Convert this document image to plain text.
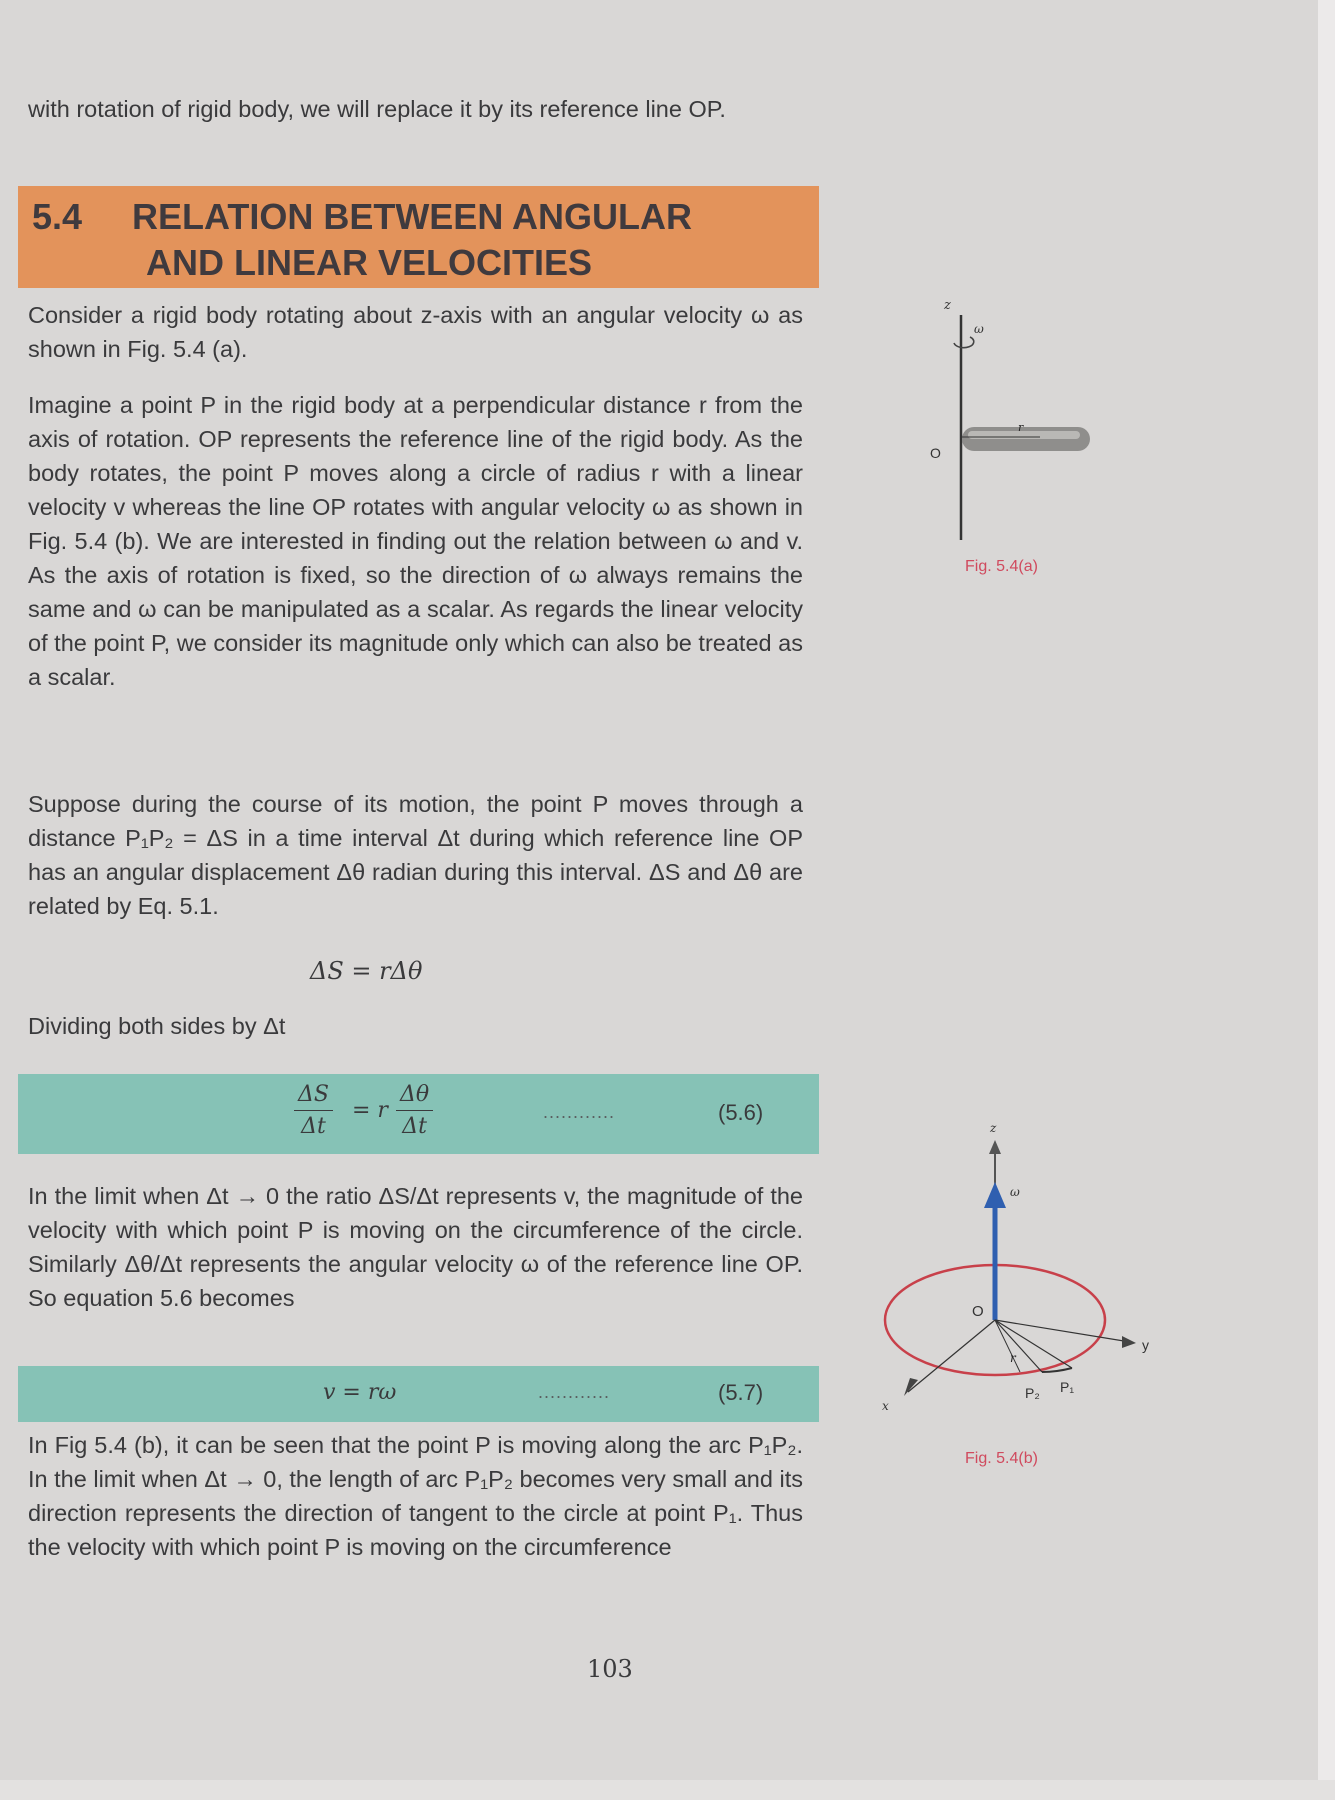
with rotation of rigid body, we will replace it by its reference line OP.

5.4 RELATION BETWEEN ANGULAR
AND LINEAR VELOCITIES

Consider a rigid body rotating about z-axis with an angular velocity ω as shown in Fig. 5.4 (a).

Imagine a point P in the rigid body at a perpendicular distance r from the axis of rotation. OP represents the reference line of the rigid body. As the body rotates, the point P moves along a circle of radius r with a linear velocity v whereas the line OP rotates with angular velocity ω as shown in Fig. 5.4 (b). We are interested in finding out the relation between ω and v. As the axis of rotation is fixed, so the direction of ω always remains the same and ω can be manipulated as a scalar. As regards the linear velocity of the point P, we consider its magnitude only which can also be treated as a scalar.

Suppose during the course of its motion, the point P moves through a distance P₁P₂ = ΔS in a time interval Δt during which reference line OP has an angular displacement Δθ radian during this interval. ΔS and Δθ are related by Eq. 5.1.

ΔS = rΔθ
Dividing both sides by Δt
$\frac{\Delta S}{\Delta t} = r \frac{\Delta\theta}{\Delta t}$	............	(5.6)

In the limit when Δt → 0 the ratio ΔS/Δt represents v, the magnitude of the velocity with which point P is moving on the circumference of the circle. Similarly Δθ/Δt represents the angular velocity ω of the reference line OP. So equation 5.6 becomes

v = rω	............	(5.7)

In Fig 5.4 (b), it can be seen that the point P is moving along the arc P₁P₂. In the limit when Δt → 0, the length of arc P₁P₂ becomes very small and its direction represents the direction of tangent to the circle at point P₁. Thus the velocity with which point P is moving on the circumference

z
ω
r
O
Fig. 5.4(a)
z
ω
y
x
r
O
P₂ P₁
Fig. 5.4(b)
103
